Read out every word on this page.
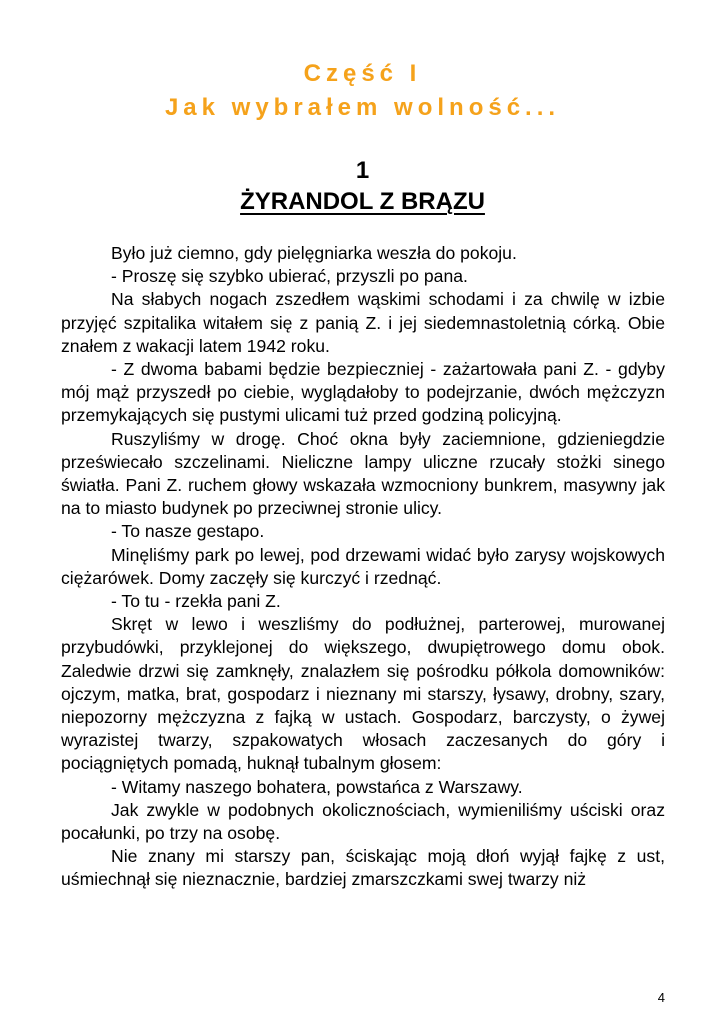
Część I
Jak wybrałem wolność...
1
ŻYRANDOL Z BRĄZU

Było już ciemno, gdy pielęgniarka weszła do pokoju.

- Proszę się szybko ubierać, przyszli po pana.

Na słabych nogach zszedłem wąskimi schodami i za chwilę w izbie przyjęć szpitalika witałem się z panią Z. i jej siedemnastoletnią córką. Obie znałem z wakacji latem 1942 roku.

- Z dwoma babami będzie bezpieczniej - zażartowała pani Z. - gdyby mój mąż przyszedł po ciebie, wyglądałoby to podejrzanie, dwóch mężczyzn przemykających się pustymi ulicami tuż przed godziną policyjną.

Ruszyliśmy w drogę. Choć okna były zaciemnione, gdzieniegdzie przeświecało szczelinami. Nieliczne lampy uliczne rzucały stożki sinego światła. Pani Z. ruchem głowy wskazała wzmocniony bunkrem, masywny jak na to miasto budynek po przeciwnej stronie ulicy.

- To nasze gestapo.

Minęliśmy park po lewej, pod drzewami widać było zarysy wojskowych ciężarówek. Domy zaczęły się kurczyć i rzednąć.

- To tu - rzekła pani Z.

Skręt w lewo i weszliśmy do podłużnej, parterowej, murowanej przybudówki, przyklejonej do większego, dwupiętrowego domu obok. Zaledwie drzwi się zamknęły, znalazłem się pośrodku półkola domowników: ojczym, matka, brat, gospodarz i nieznany mi starszy, łysawy, drobny, szary, niepozorny mężczyzna z fajką w ustach. Gospodarz, barczysty, o żywej wyrazistej twarzy, szpakowatych włosach zaczesanych do góry i pociągniętych pomadą, huknął tubalnym głosem:

- Witamy naszego bohatera, powstańca z Warszawy.

Jak zwykle w podobnych okolicznościach, wymieniliśmy uściski oraz pocałunki, po trzy na osobę.

Nie znany mi starszy pan, ściskając moją dłoń wyjął fajkę z ust, uśmiechnął się nieznacznie, bardziej zmarszczkami swej twarzy niż

4
